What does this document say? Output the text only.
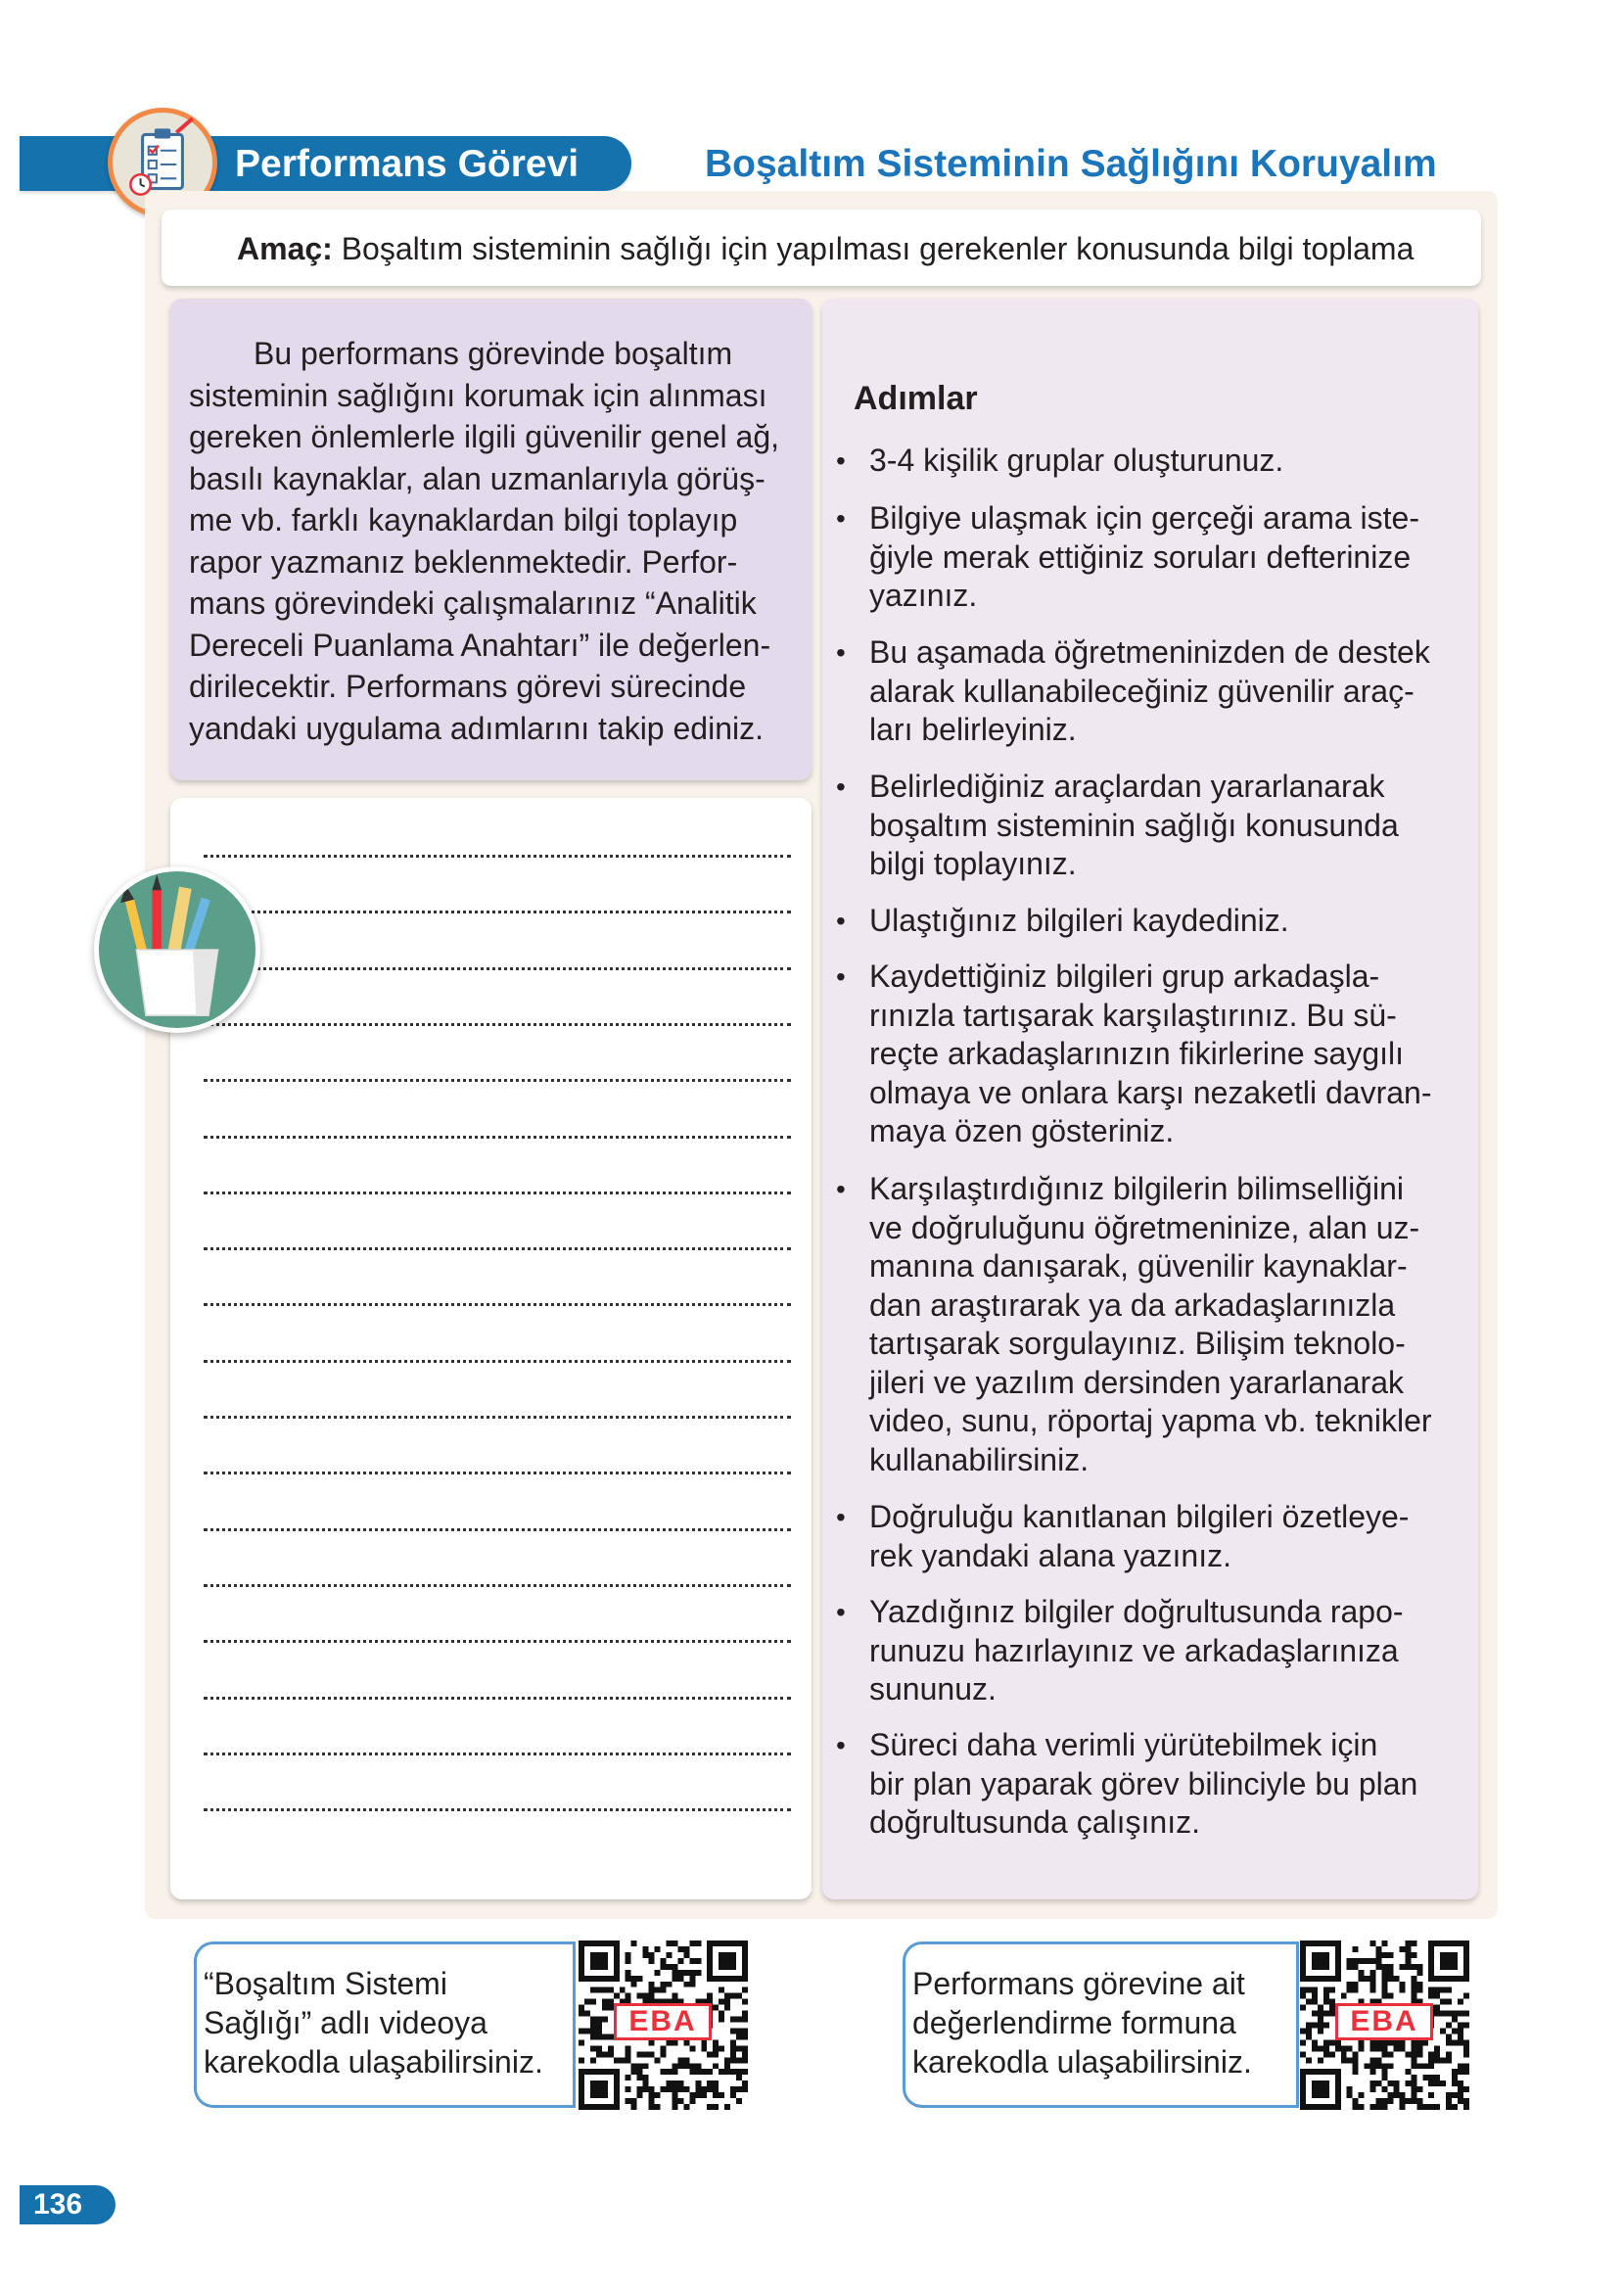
Performans Görevi	Boşaltım Sisteminin Sağlığını Koruyalım
Amaç: Boşaltım sisteminin sağlığı için yapılması gerekenler konusunda bilgi toplama
Bu performans görevinde boşaltım
sisteminin sağlığını korumak için alınması
gereken önlemlerle ilgili güvenilir genel ağ,
basılı kaynaklar, alan uzmanlarıyla görüş-
me vb. farklı kaynaklardan bilgi toplayıp
rapor yazmanız beklenmektedir. Perfor-
mans görevindeki çalışmalarınız “Analitik
Dereceli Puanlama Anahtarı” ile değerlen-
dirilecektir. Performans görevi sürecinde
yandaki uygulama adımlarını takip ediniz.
Adımlar
• 3-4 kişilik gruplar oluşturunuz.
• Bilgiye ulaşmak için gerçeği arama iste-
ğiyle merak ettiğiniz soruları defterinize
yazınız.
• Bu aşamada öğretmeninizden de destek
alarak kullanabileceğiniz güvenilir araç-
ları belirleyiniz.
• Belirlediğiniz araçlardan yararlanarak
boşaltım sisteminin sağlığı konusunda
bilgi toplayınız.
• Ulaştığınız bilgileri kaydediniz.
• Kaydettiğiniz bilgileri grup arkadaşla-
rınızla tartışarak karşılaştırınız. Bu sü-
reçte arkadaşlarınızın fikirlerine saygılı
olmaya ve onlara karşı nezaketli davran-
maya özen gösteriniz.
• Karşılaştırdığınız bilgilerin bilimselliğini
ve doğruluğunu öğretmeninize, alan uz-
manına danışarak, güvenilir kaynaklar-
dan araştırarak ya da arkadaşlarınızla
tartışarak sorgulayınız. Bilişim teknolo-
jileri ve yazılım dersinden yararlanarak
video, sunu, röportaj yapma vb. teknikler
kullanabilirsiniz.
• Doğruluğu kanıtlanan bilgileri özetleye-
rek yandaki alana yazınız.
• Yazdığınız bilgiler doğrultusunda rapo-
runuzu hazırlayınız ve arkadaşlarınıza
sununuz.
• Süreci daha verimli yürütebilmek için
bir plan yaparak görev bilinciyle bu plan
doğrultusunda çalışınız.
“Boşaltım Sistemi
Sağlığı” adlı videoya
karekodla ulaşabilirsiniz.
EBA
Performans görevine ait
değerlendirme formuna
karekodla ulaşabilirsiniz.
EBA
136
